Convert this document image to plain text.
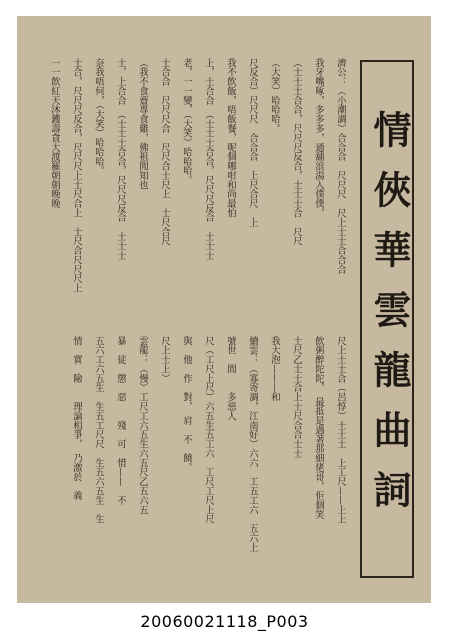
情俠華雲龍曲詞
濟公：（小潮調）合合合　尺尺尺　尺上士士合合合
我牙嘴啄，多多多，通舖浪湯入僕僕，
（士士士合合，尺尺尺反合，士士士合　尺尺
（大笑）哈哈哈。
尺反合）尺尺尺　合合合　上尺合尺　上
我不飲飯，唔飯餐，呢個哪咁和尚最怕
上，士合合　（士士士合合，尺尺尺反合　士士士
老，一一變，（大笑）哈哈哈。
士合合　尺尺尺合　尺尺合士尺上　士尺合尺
（我不食齋專食雞，佛祖閒知也
士，上合合　（士士士合合，尺尺尺反合　士士士
奈我唔何，（大笑）哈哈哈。
士合，尺尺尺反合，尺尺尺上士尺合上　士尺合尺尺尺上
一一飲紅天沐鑊壽貪大渡羅朝朝晚晚
尺上士士合（呂惇）士士士　上工尺——上上
飲粥醉陀陀，　最抵是遇著那細佬哥，佢個笑
士尺乙士士合上士尺合合士士
我大泡———和
續雲：（寡寄調，江南好）六六　工五工六　五六上
號世　間　　多惡人
尺（工尺上尺）六五生五工六　工尺工尺上尺
與　他　作　對，　肩　不　饒。
尺上士上）
雲龍：（慢）工尺工六五生六五尺乙五六五
暴　徒　懲　惡　　殘　可　惜——　不
五六工六五生　生五工尺尺　生五六五生　生
情　實　險　　理論相爭，　乃激於　義
20060021118_P003
